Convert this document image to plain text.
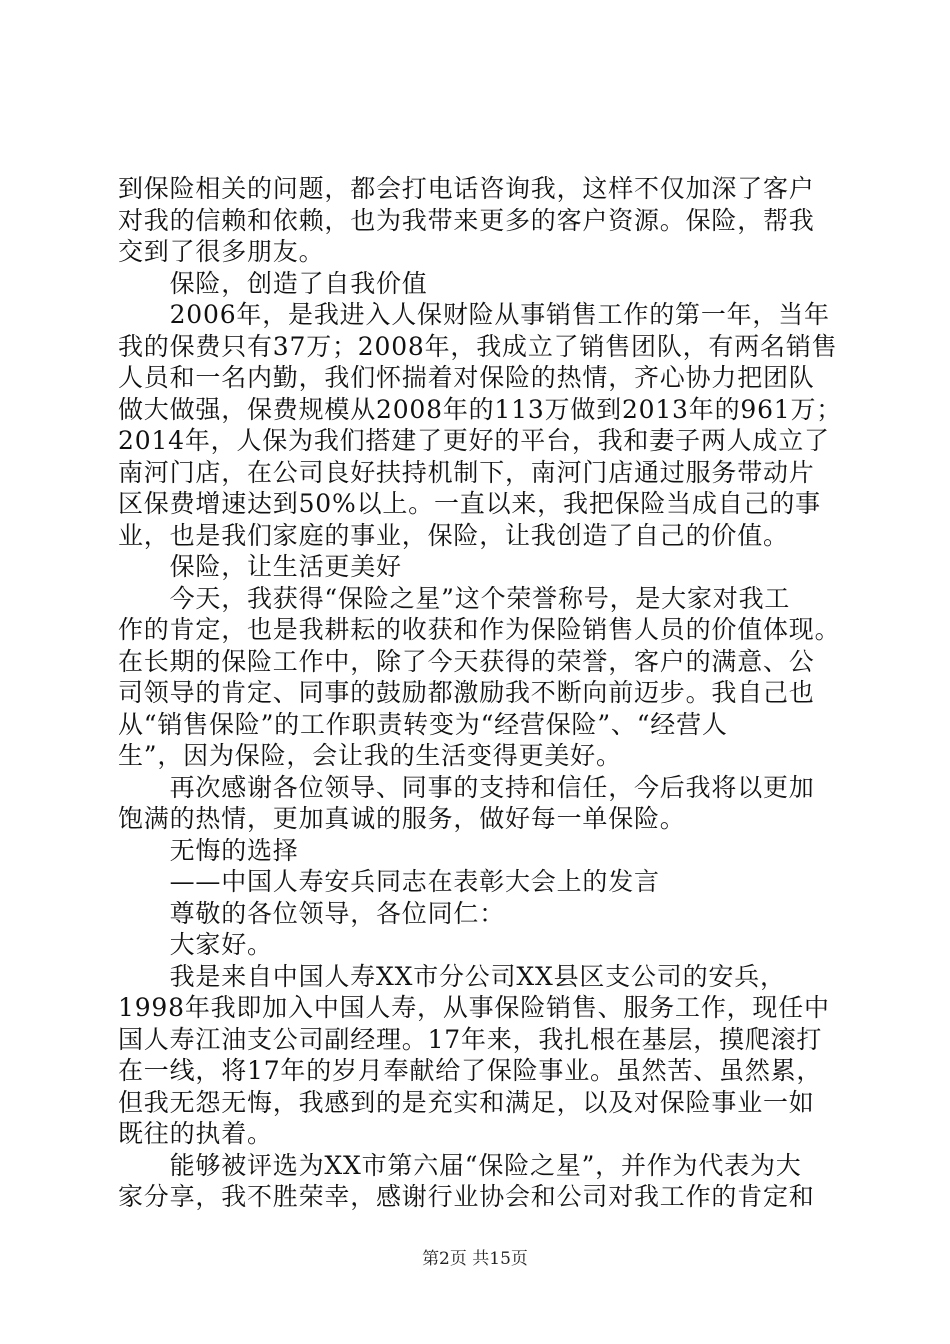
到保险相关的问题，都会打电话咨询我，这样不仅加深了客户
对我的信赖和依赖，也为我带来更多的客户资源。保险，帮我
交到了很多朋友。
　　保险，创造了自我价值
　　2006年，是我进入人保财险从事销售工作的第一年，当年
我的保费只有37万；2008年，我成立了销售团队，有两名销售
人员和一名内勤，我们怀揣着对保险的热情，齐心协力把团队
做大做强，保费规模从2008年的113万做到2013年的961万；
2014年，人保为我们搭建了更好的平台，我和妻子两人成立了
南河门店，在公司良好扶持机制下，南河门店通过服务带动片
区保费增速达到50%以上。一直以来，我把保险当成自己的事
业，也是我们家庭的事业，保险，让我创造了自己的价值。
　　保险，让生活更美好
　　今天，我获得“保险之星”这个荣誉称号，是大家对我工
作的肯定，也是我耕耘的收获和作为保险销售人员的价值体现。
在长期的保险工作中，除了今天获得的荣誉，客户的满意、公
司领导的肯定、同事的鼓励都激励我不断向前迈步。我自己也
从“销售保险”的工作职责转变为“经营保险”、“经营人
生”，因为保险，会让我的生活变得更美好。
　　再次感谢各位领导、同事的支持和信任，今后我将以更加
饱满的热情，更加真诚的服务，做好每一单保险。
　　无悔的选择
　　——中国人寿安兵同志在表彰大会上的发言
　　尊敬的各位领导，各位同仁：
　　大家好。
　　我是来自中国人寿XX市分公司XX县区支公司的安兵，
1998年我即加入中国人寿，从事保险销售、服务工作，现任中
国人寿江油支公司副经理。17年来，我扎根在基层，摸爬滚打
在一线，将17年的岁月奉献给了保险事业。虽然苦、虽然累，
但我无怨无悔，我感到的是充实和满足，以及对保险事业一如
既往的执着。
　　能够被评选为XX市第六届“保险之星”，并作为代表为大
家分享，我不胜荣幸，感谢行业协会和公司对我工作的肯定和
第2页 共15页
